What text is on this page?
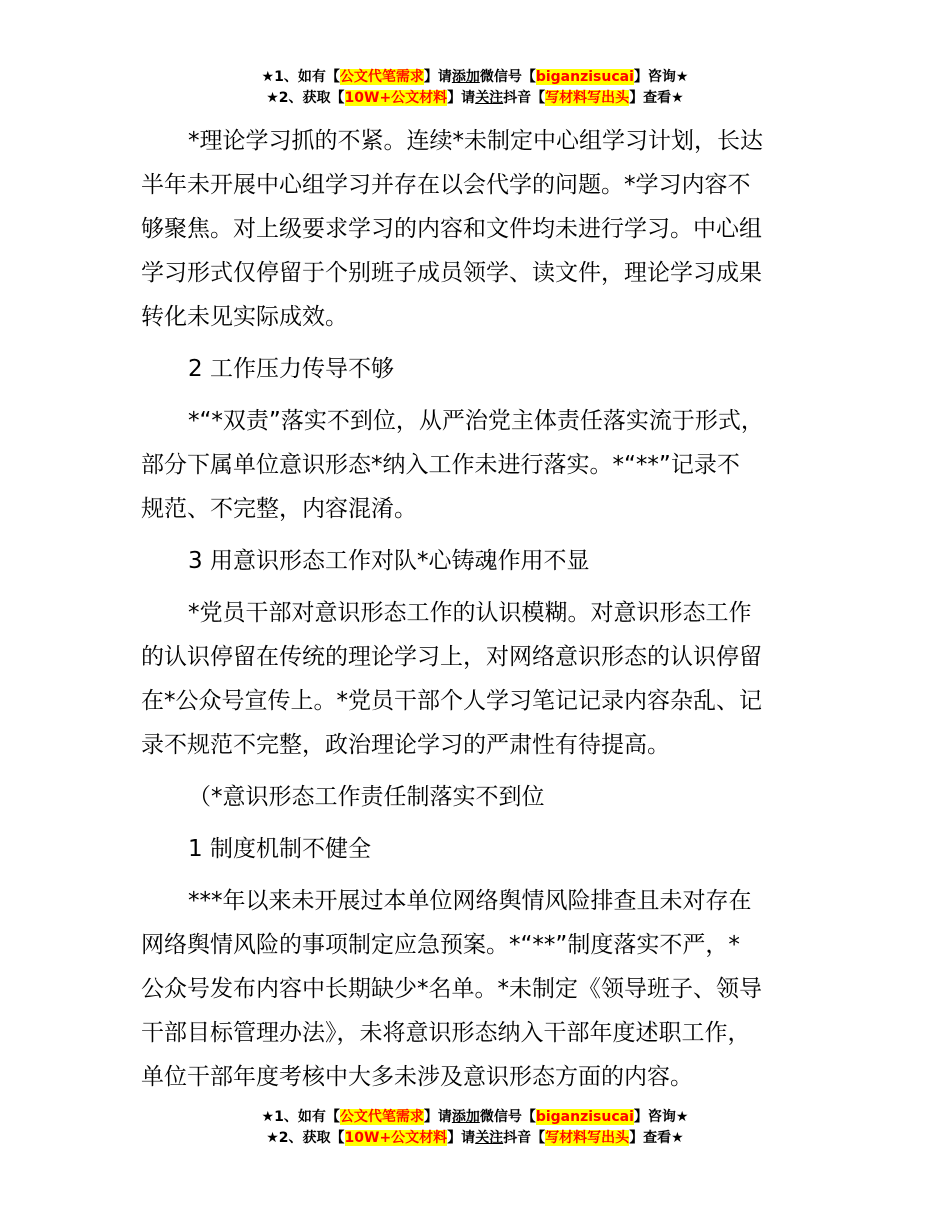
★1、如有【公文代笔需求】请添加微信号【biganzisucai】咨询★
★2、获取【10W+公文材料】请关注抖音【写材料写出头】查看★
*理论学习抓的不紧。连续*未制定中心组学习计划，长达
半年未开展中心组学习并存在以会代学的问题。*学习内容不
够聚焦。对上级要求学习的内容和文件均未进行学习。中心组
学习形式仅停留于个别班子成员领学、读文件，理论学习成果
转化未见实际成效。
2 工作压力传导不够
*“*双责”落实不到位，从严治党主体责任落实流于形式，
部分下属单位意识形态*纳入工作未进行落实。*“**”记录不
规范、不完整，内容混淆。
3 用意识形态工作对队*心铸魂作用不显
*党员干部对意识形态工作的认识模糊。对意识形态工作
的认识停留在传统的理论学习上，对网络意识形态的认识停留
在*公众号宣传上。*党员干部个人学习笔记记录内容杂乱、记
录不规范不完整，政治理论学习的严肃性有待提高。
（*意识形态工作责任制落实不到位
1 制度机制不健全
***年以来未开展过本单位网络舆情风险排查且未对存在
网络舆情风险的事项制定应急预案。*“**”制度落实不严，*
公众号发布内容中长期缺少*名单。*未制定《领导班子、领导
干部目标管理办法》，未将意识形态纳入干部年度述职工作，
单位干部年度考核中大多未涉及意识形态方面的内容。
★1、如有【公文代笔需求】请添加微信号【biganzisucai】咨询★
★2、获取【10W+公文材料】请关注抖音【写材料写出头】查看★
